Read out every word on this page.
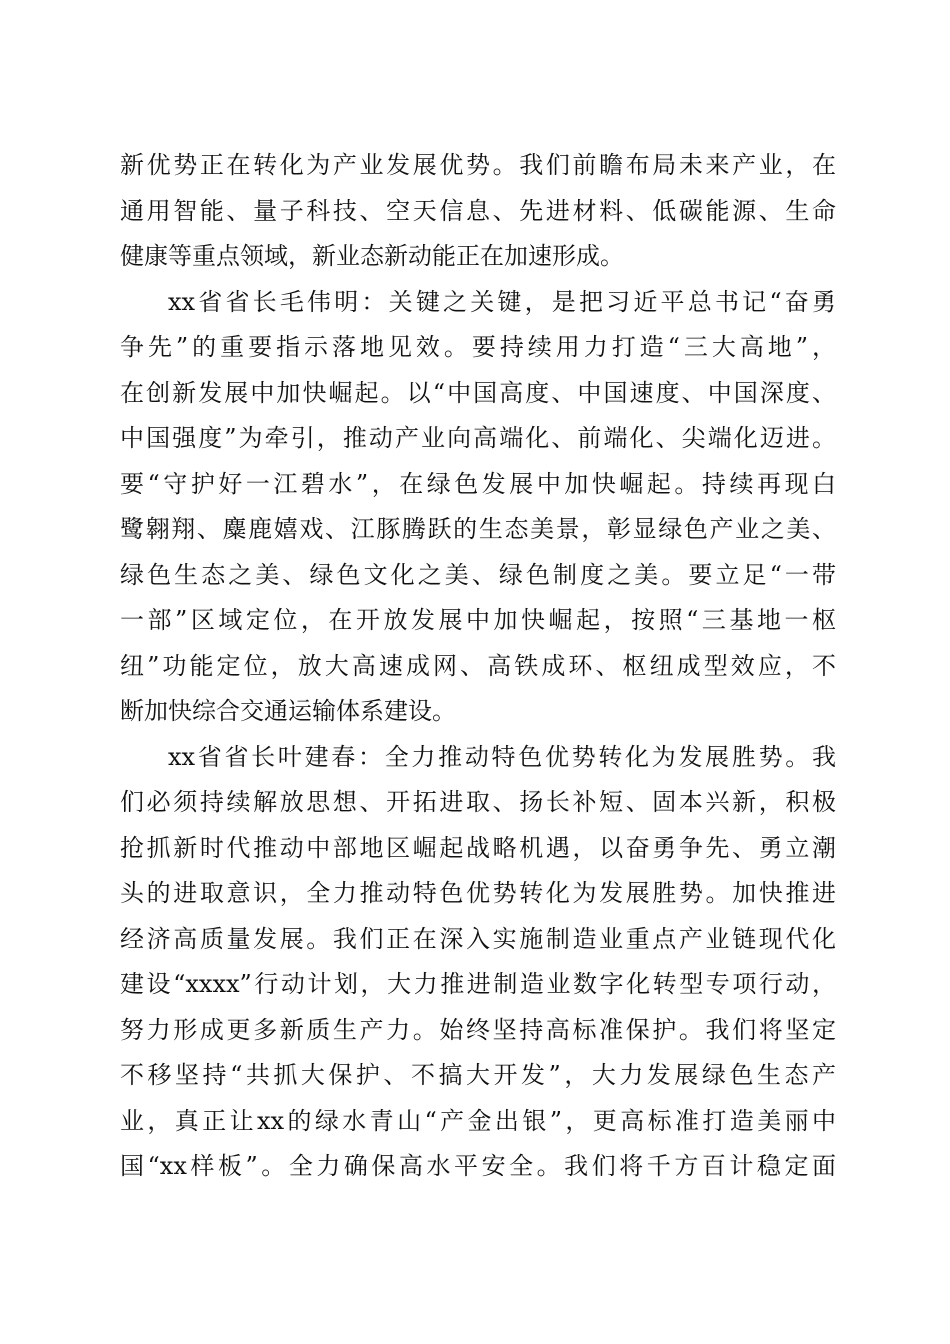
新优势正在转化为产业发展优势。我们前瞻布局未来产业，在
通用智能、量子科技、空天信息、先进材料、低碳能源、生命
健康等重点领域，新业态新动能正在加速形成。
xx省省长毛伟明：关键之关键，是把习近平总书记“奋勇
争先”的重要指示落地见效。要持续用力打造“三大高地”，
在创新发展中加快崛起。以“中国高度、中国速度、中国深度、
中国强度”为牵引，推动产业向高端化、前端化、尖端化迈进。
要“守护好一江碧水”，在绿色发展中加快崛起。持续再现白
鹭翱翔、麋鹿嬉戏、江豚腾跃的生态美景，彰显绿色产业之美、
绿色生态之美、绿色文化之美、绿色制度之美。要立足“一带
一部”区域定位，在开放发展中加快崛起，按照“三基地一枢
纽”功能定位，放大高速成网、高铁成环、枢纽成型效应，不
断加快综合交通运输体系建设。
xx省省长叶建春：全力推动特色优势转化为发展胜势。我
们必须持续解放思想、开拓进取、扬长补短、固本兴新，积极
抢抓新时代推动中部地区崛起战略机遇，以奋勇争先、勇立潮
头的进取意识，全力推动特色优势转化为发展胜势。加快推进
经济高质量发展。我们正在深入实施制造业重点产业链现代化
建设“xxxx”行动计划，大力推进制造业数字化转型专项行动，
努力形成更多新质生产力。始终坚持高标准保护。我们将坚定
不移坚持“共抓大保护、不搞大开发”，大力发展绿色生态产
业，真正让xx的绿水青山“产金出银”，更高标准打造美丽中
国“xx样板”。全力确保高水平安全。我们将千方百计稳定面
